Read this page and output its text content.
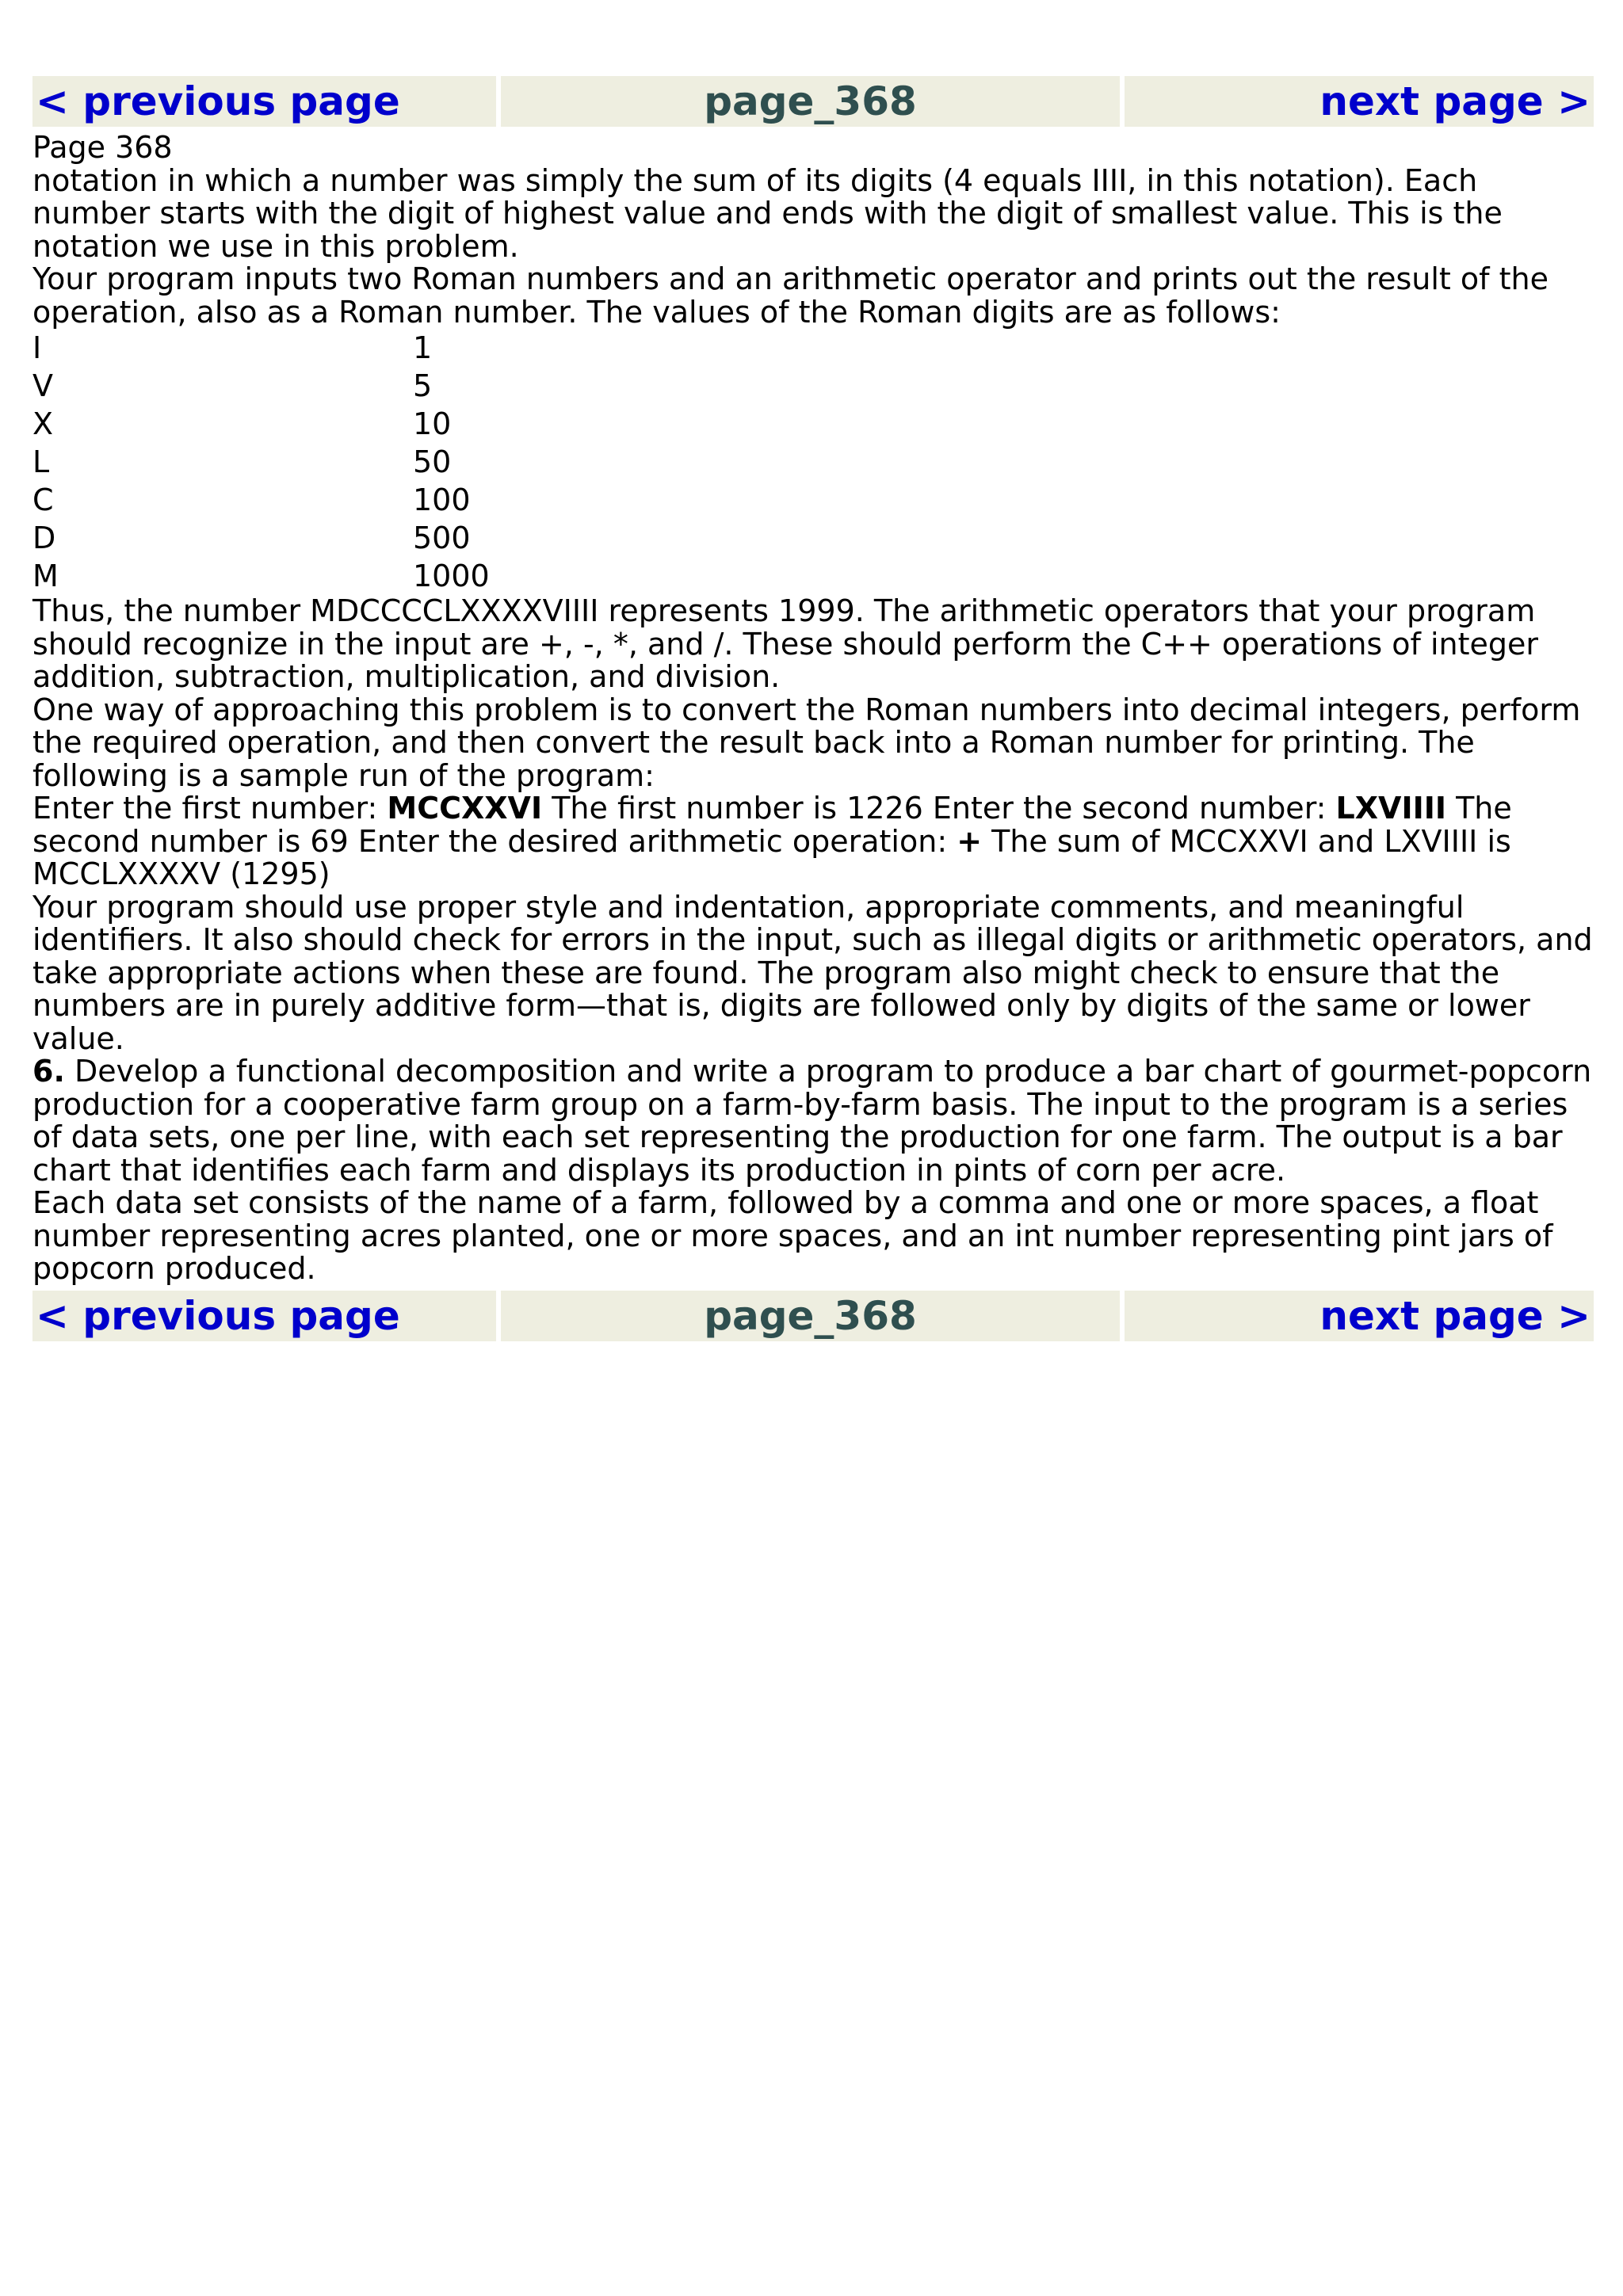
< previous page	page_368	next page >

Page 368

notation in which a number was simply the sum of its digits (4 equals IIII, in this notation). Each number starts with the digit of highest value and ends with the digit of smallest value. This is the notation we use in this problem.

Your program inputs two Roman numbers and an arithmetic operator and prints out the result of the operation, also as a Roman number. The values of the Roman digits are as follows:

I	1
V	5
X	10
L	50
C	100
D	500
M	1000

Thus, the number MDCCCCLXXXXVIIII represents 1999. The arithmetic operators that your program should recognize in the input are +, -, *, and /. These should perform the C++ operations of integer addition, subtraction, multiplication, and division.

One way of approaching this problem is to convert the Roman numbers into decimal integers, perform the required operation, and then convert the result back into a Roman number for printing. The following is a sample run of the program:

Enter the first number: MCCXXVI The first number is 1226 Enter the second number: LXVIIII The second number is 69 Enter the desired arithmetic operation: + The sum of MCCXXVI and LXVIIII is MCCLXXXXV (1295)

Your program should use proper style and indentation, appropriate comments, and meaningful identifiers. It also should check for errors in the input, such as illegal digits or arithmetic operators, and take appropriate actions when these are found. The program also might check to ensure that the numbers are in purely additive form—that is, digits are followed only by digits of the same or lower value.

6. Develop a functional decomposition and write a program to produce a bar chart of gourmet-popcorn production for a cooperative farm group on a farm-by-farm basis. The input to the program is a series of data sets, one per line, with each set representing the production for one farm. The output is a bar chart that identifies each farm and displays its production in pints of corn per acre.

Each data set consists of the name of a farm, followed by a comma and one or more spaces, a float number representing acres planted, one or more spaces, and an int number representing pint jars of popcorn produced.

< previous page	page_368	next page >
